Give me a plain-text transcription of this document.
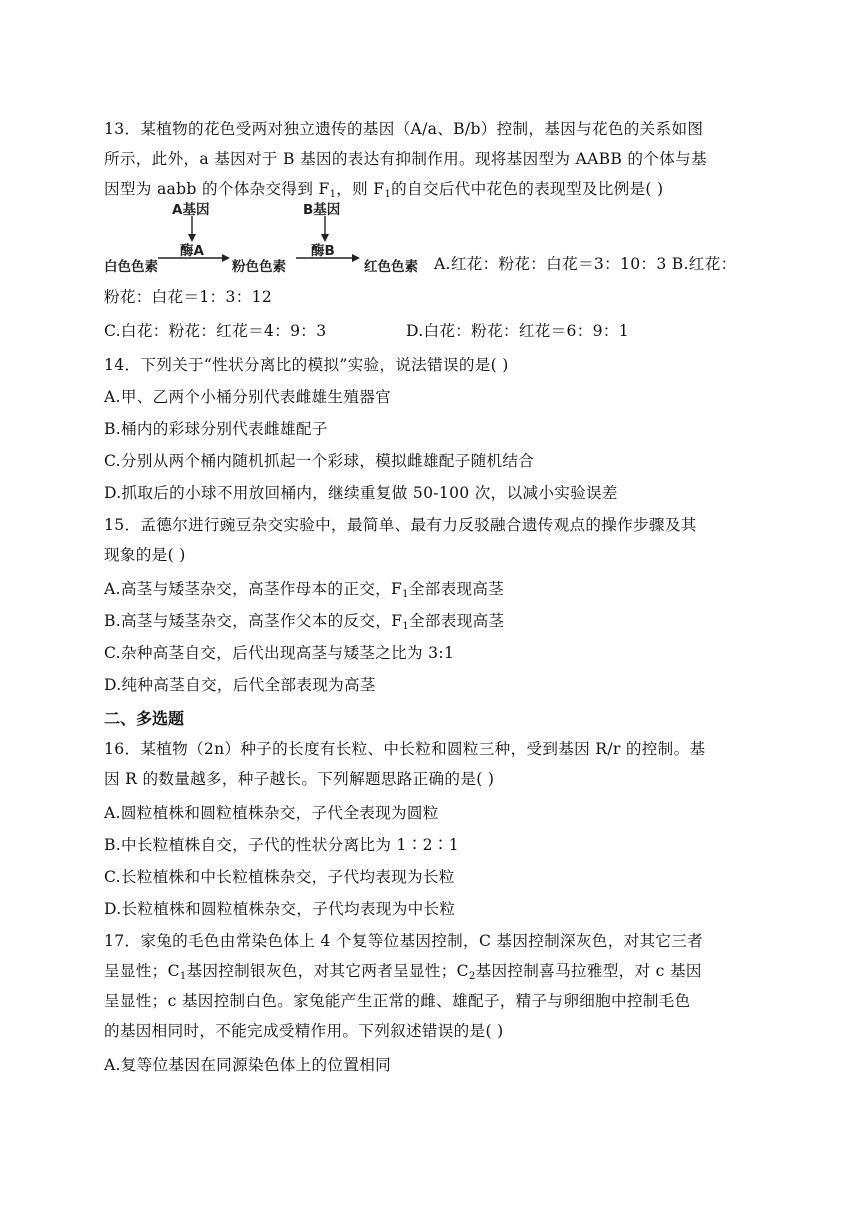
13．某植物的花色受两对独立遗传的基因（A/a、B/b）控制，基因与花色的关系如图
所示，此外，a 基因对于 B 基因的表达有抑制作用。现将基因型为 AABB 的个体与基
因型为 aabb 的个体杂交得到 $F_1$，则 $F_1$的自交后代中花色的表现型及比例是( )
A基因	B基因
酶A	酶B
白色色素	粉色色素	红色色素 A.红花：粉花：白花＝3：10：3 B.红花：
粉花：白花＝1：3：12
C.白花：粉花：红花＝4：9：3	D.白花：粉花：红花＝6：9：1
14．下列关于“性状分离比的模拟”实验，说法错误的是( )
A.甲、乙两个小桶分别代表雌雄生殖器官
B.桶内的彩球分别代表雌雄配子
C.分别从两个桶内随机抓起一个彩球，模拟雌雄配子随机结合
D.抓取后的小球不用放回桶内，继续重复做 50-100 次，以减小实验误差
15．孟德尔进行豌豆杂交实验中，最简单、最有力反驳融合遗传观点的操作步骤及其
现象的是( )
A.高茎与矮茎杂交，高茎作母本的正交，$F_1$全部表现高茎
B.高茎与矮茎杂交，高茎作父本的反交，$F_1$全部表现高茎
C.杂种高茎自交，后代出现高茎与矮茎之比为 3:1
D.纯种高茎自交，后代全部表现为高茎
二、多选题
16．某植物（2n）种子的长度有长粒、中长粒和圆粒三种，受到基因 R/r 的控制。基
因 R 的数量越多，种子越长。下列解题思路正确的是( )
A.圆粒植株和圆粒植株杂交，子代全表现为圆粒
B.中长粒植株自交，子代的性状分离比为 1∶2∶1
C.长粒植株和中长粒植株杂交，子代均表现为长粒
D.长粒植株和圆粒植株杂交，子代均表现为中长粒
17．家兔的毛色由常染色体上 4 个复等位基因控制，C 基因控制深灰色，对其它三者
呈显性；$C_1$基因控制银灰色，对其它两者呈显性；$C_2$基因控制喜马拉雅型，对 c 基因
呈显性；c 基因控制白色。家兔能产生正常的雌、雄配子，精子与卵细胞中控制毛色
的基因相同时，不能完成受精作用。下列叙述错误的是( )
A.复等位基因在同源染色体上的位置相同
